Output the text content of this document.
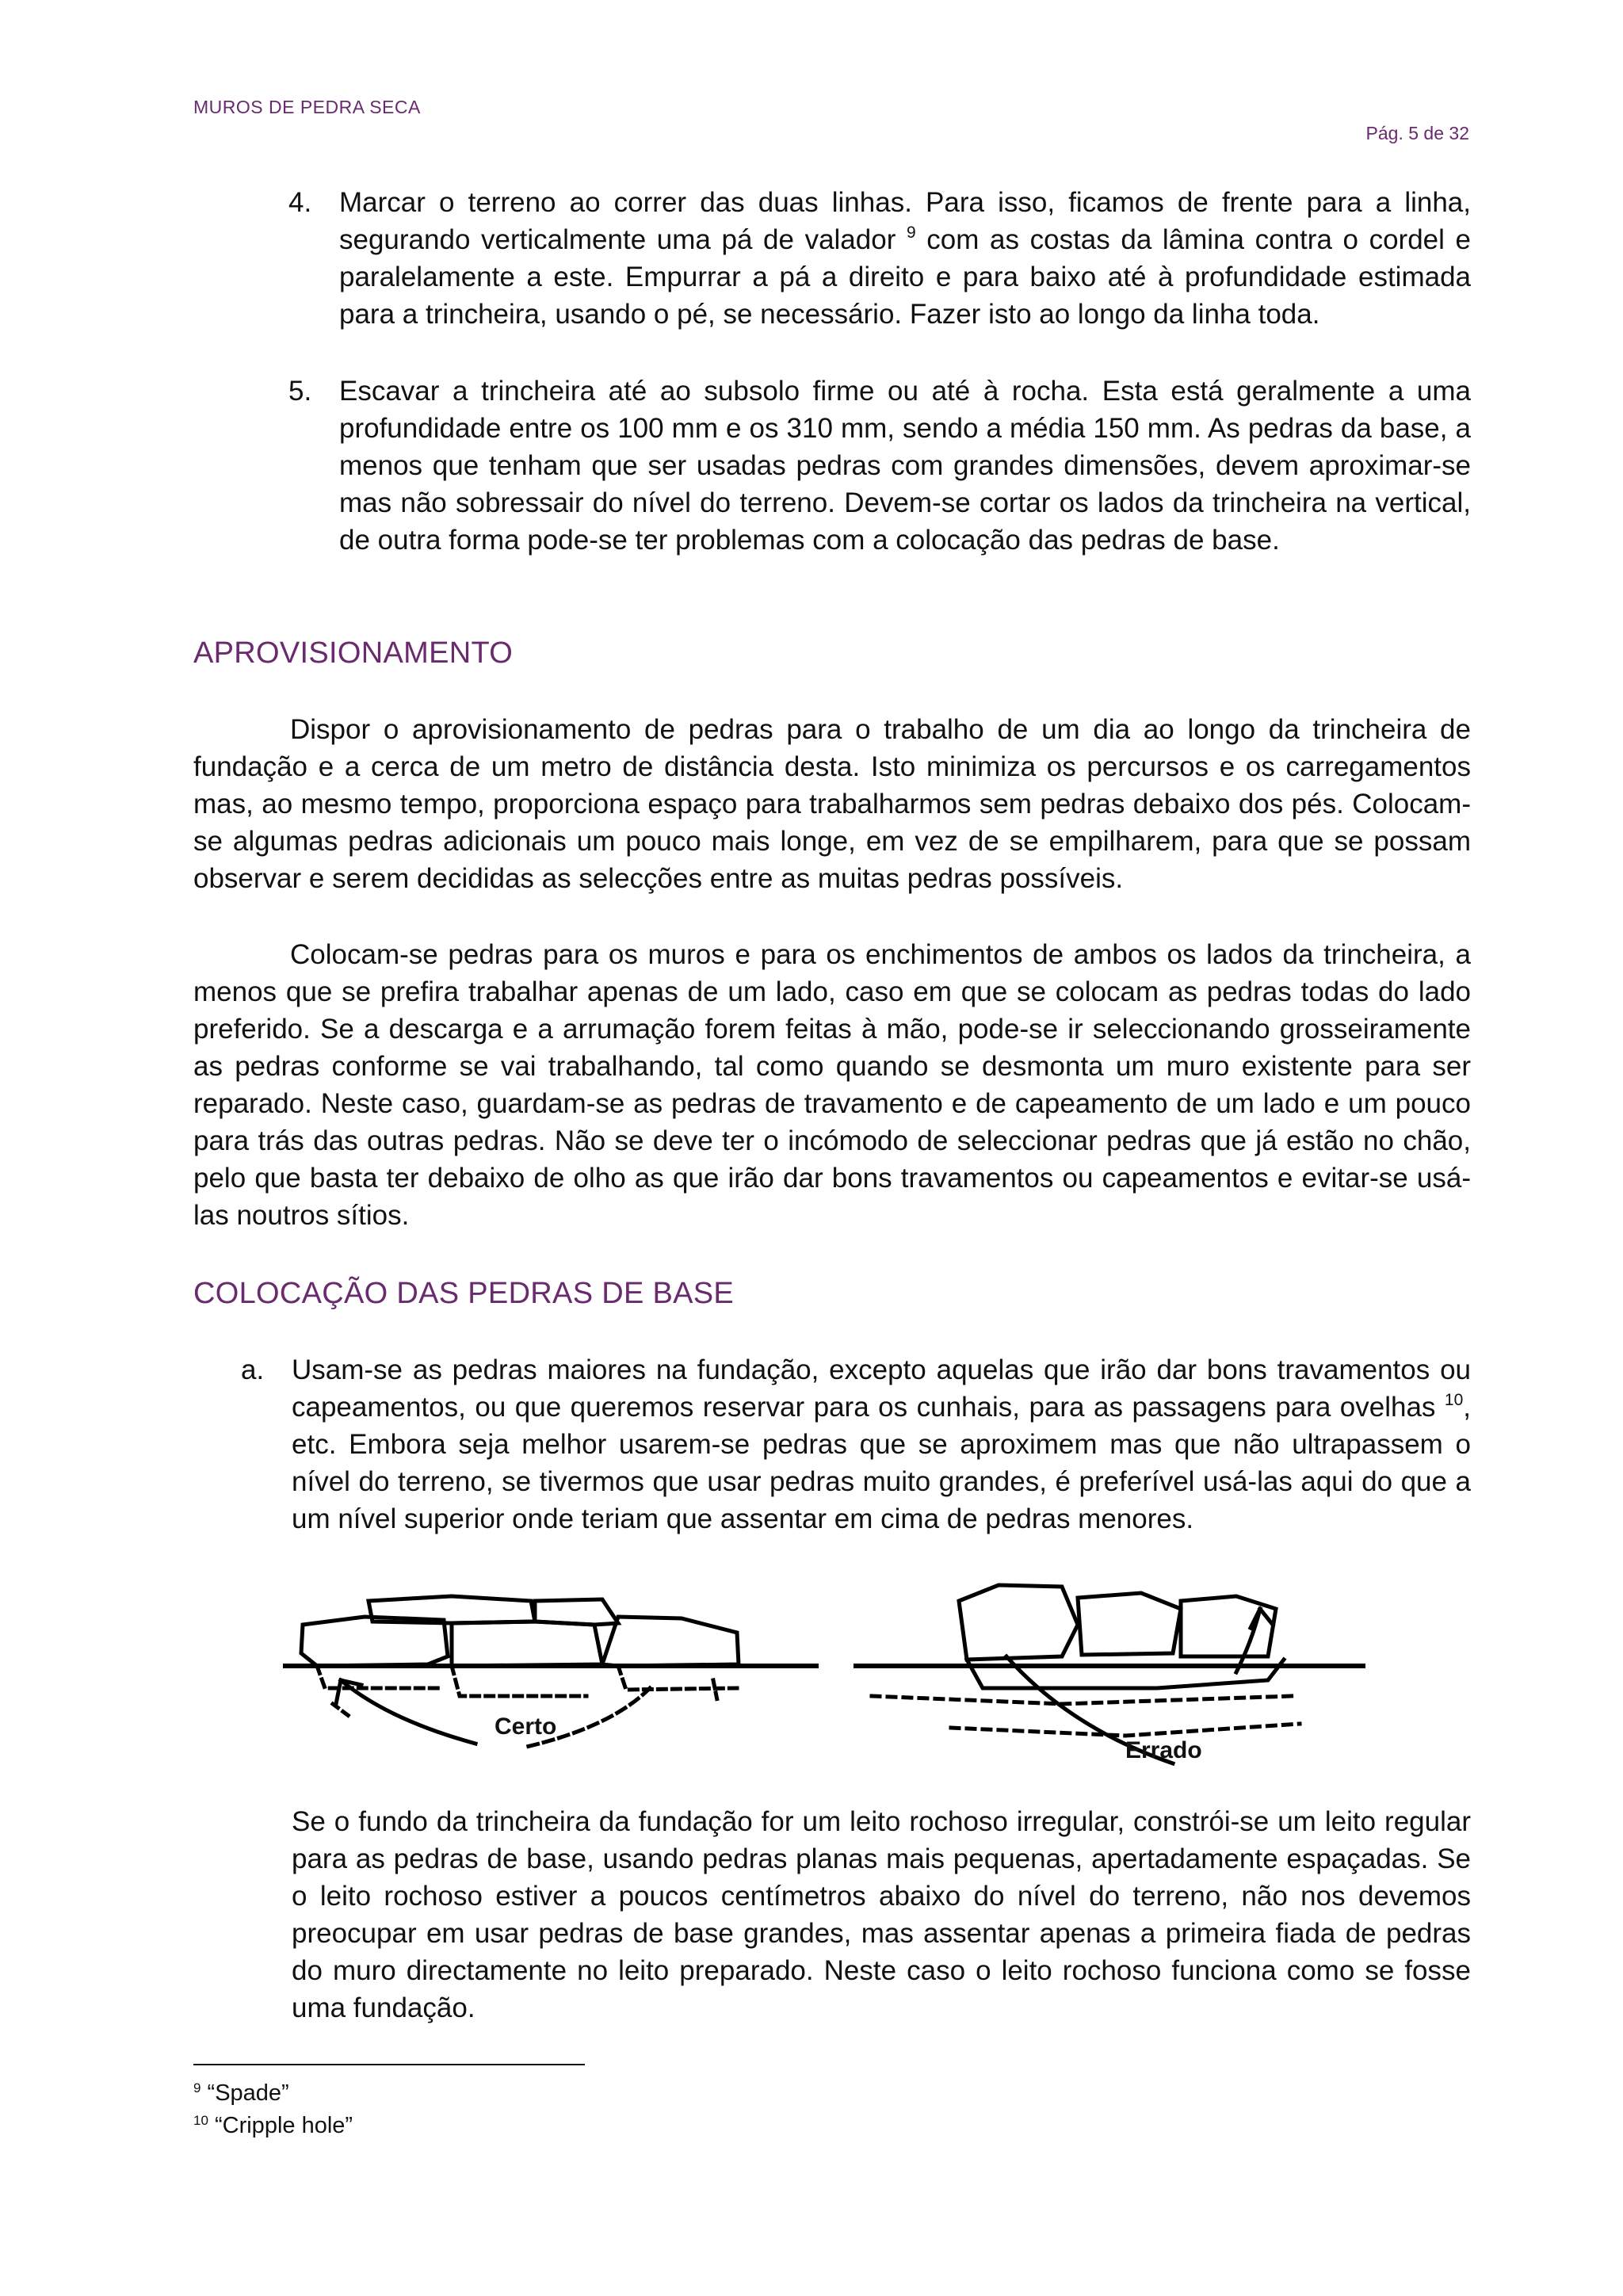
MUROS DE PEDRA SECA
Pág. 5 de 32
4. Marcar o terreno ao correr das duas linhas. Para isso, ficamos de frente para a linha, segurando verticalmente uma pá de valador $^9$ com as costas da lâmina contra o cordel e paralelamente a este. Empurrar a pá a direito e para baixo até à profundidade estimada para a trincheira, usando o pé, se necessário. Fazer isto ao longo da linha toda.
5. Escavar a trincheira até ao subsolo firme ou até à rocha. Esta está geralmente a uma profundidade entre os 100 mm e os 310 mm, sendo a média 150 mm. As pedras da base, a menos que tenham que ser usadas pedras com grandes dimensões, devem aproximar-se mas não sobressair do nível do terreno. Devem-se cortar os lados da trincheira na vertical, de outra forma pode-se ter problemas com a colocação das pedras de base.
APROVISIONAMENTO
Dispor o aprovisionamento de pedras para o trabalho de um dia ao longo da trincheira de fundação e a cerca de um metro de distância desta. Isto minimiza os percursos e os carregamentos mas, ao mesmo tempo, proporciona espaço para trabalharmos sem pedras debaixo dos pés. Colocam-se algumas pedras adicionais um pouco mais longe, em vez de se empilharem, para que se possam observar e serem decididas as selecções entre as muitas pedras possíveis.
Colocam-se pedras para os muros e para os enchimentos de ambos os lados da trincheira, a menos que se prefira trabalhar apenas de um lado, caso em que se colocam as pedras todas do lado preferido. Se a descarga e a arrumação forem feitas à mão, pode-se ir seleccionando grosseiramente as pedras conforme se vai trabalhando, tal como quando se desmonta um muro existente para ser reparado. Neste caso, guardam-se as pedras de travamento e de capeamento de um lado e um pouco para trás das outras pedras. Não se deve ter o incómodo de seleccionar pedras que já estão no chão, pelo que basta ter debaixo de olho as que irão dar bons travamentos ou capeamentos e evitar-se usá-las noutros sítios.
COLOCAÇÃO DAS PEDRAS DE BASE
a. Usam-se as pedras maiores na fundação, excepto aquelas que irão dar bons travamentos ou capeamentos, ou que queremos reservar para os cunhais, para as passagens para ovelhas $^{10}$, etc. Embora seja melhor usarem-se pedras que se aproximem mas que não ultrapassem o nível do terreno, se tivermos que usar pedras muito grandes, é preferível usá-las aqui do que a um nível superior onde teriam que assentar em cima de pedras menores.
Certo
Errado
Se o fundo da trincheira da fundação for um leito rochoso irregular, constrói-se um leito regular para as pedras de base, usando pedras planas mais pequenas, apertadamente espaçadas. Se o leito rochoso estiver a poucos centímetros abaixo do nível do terreno, não nos devemos preocupar em usar pedras de base grandes, mas assentar apenas a primeira fiada de pedras do muro directamente no leito preparado. Neste caso o leito rochoso funciona como se fosse uma fundação.
$^9$ “Spade”
$^{10}$ “Cripple hole”
